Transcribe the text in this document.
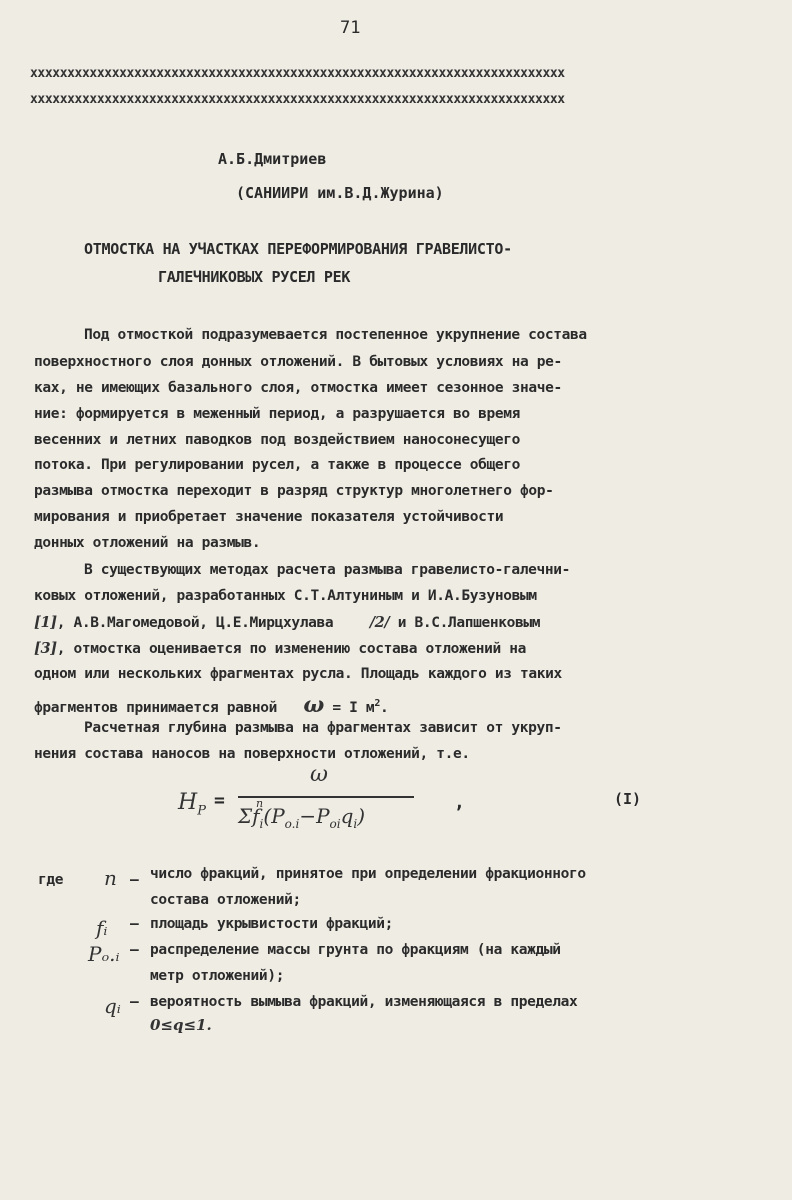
71
xxxxxxxxxxxxxxxxxxxxxxxxxxxxxxxxxxxxxxxxxxxxxxxxxxxxxxxxxxxxxxxxxxxxxxxx
xxxxxxxxxxxxxxxxxxxxxxxxxxxxxxxxxxxxxxxxxxxxxxxxxxxxxxxxxxxxxxxxxxxxxxxx
А.Б.Дмитриев
(САНИИРИ им.В.Д.Журина)
ОТМОСТКА НА УЧАСТКАХ ПЕРЕФОРМИРОВАНИЯ ГРАВЕЛИСТО-
ГАЛЕЧНИКОВЫХ РУСЕЛ РЕК
Под отмосткой подразумевается постепенное укрупнение состава
поверхностного слоя донных отложений. В бытовых условиях на ре-
ках, не имеющих базального слоя, отмостка имеет сезонное значе-
ние: формируется в меженный период, а разрушается во время
весенних и летних паводков под воздействием наносонесущего
потока. При регулировании русел, а также в процессе общего
размыва отмостка переходит в разряд структур многолетнего фор-
мирования и приобретает значение показателя устойчивости
донных отложений на размыв.
В существующих методах расчета размыва гравелисто-галечни-
ковых отложений, разработанных С.Т.Алтуниным и И.А.Бузуновым
[1], А.В.Магомедовой, Ц.Е.Мирцхулава	/2/ и В.С.Лапшенковым
[3], отмостка оценивается по изменению состава отложений на
одном или нескольких фрагментах русла. Площадь каждого из таких
фрагментов принимается равной ω = I $м^2$.
Расчетная глубина размыва на фрагментах зависит от укруп-
нения состава наносов на поверхности отложений, т.е.
$H_P$ =
ω
n
$\Sigma f_i(P_{o.i}-P_{oi}q_i)$
,	(I)
где n – число фракций, принятое при определении фракционного
состава отложений;
fᵢ – площадь укрывистости фракций;
Pₒ.ᵢ – распределение массы грунта по фракциям (на каждый
метр отложений);
qᵢ – вероятность вымыва фракций, изменяющаяся в пределах
0≤q≤1.
